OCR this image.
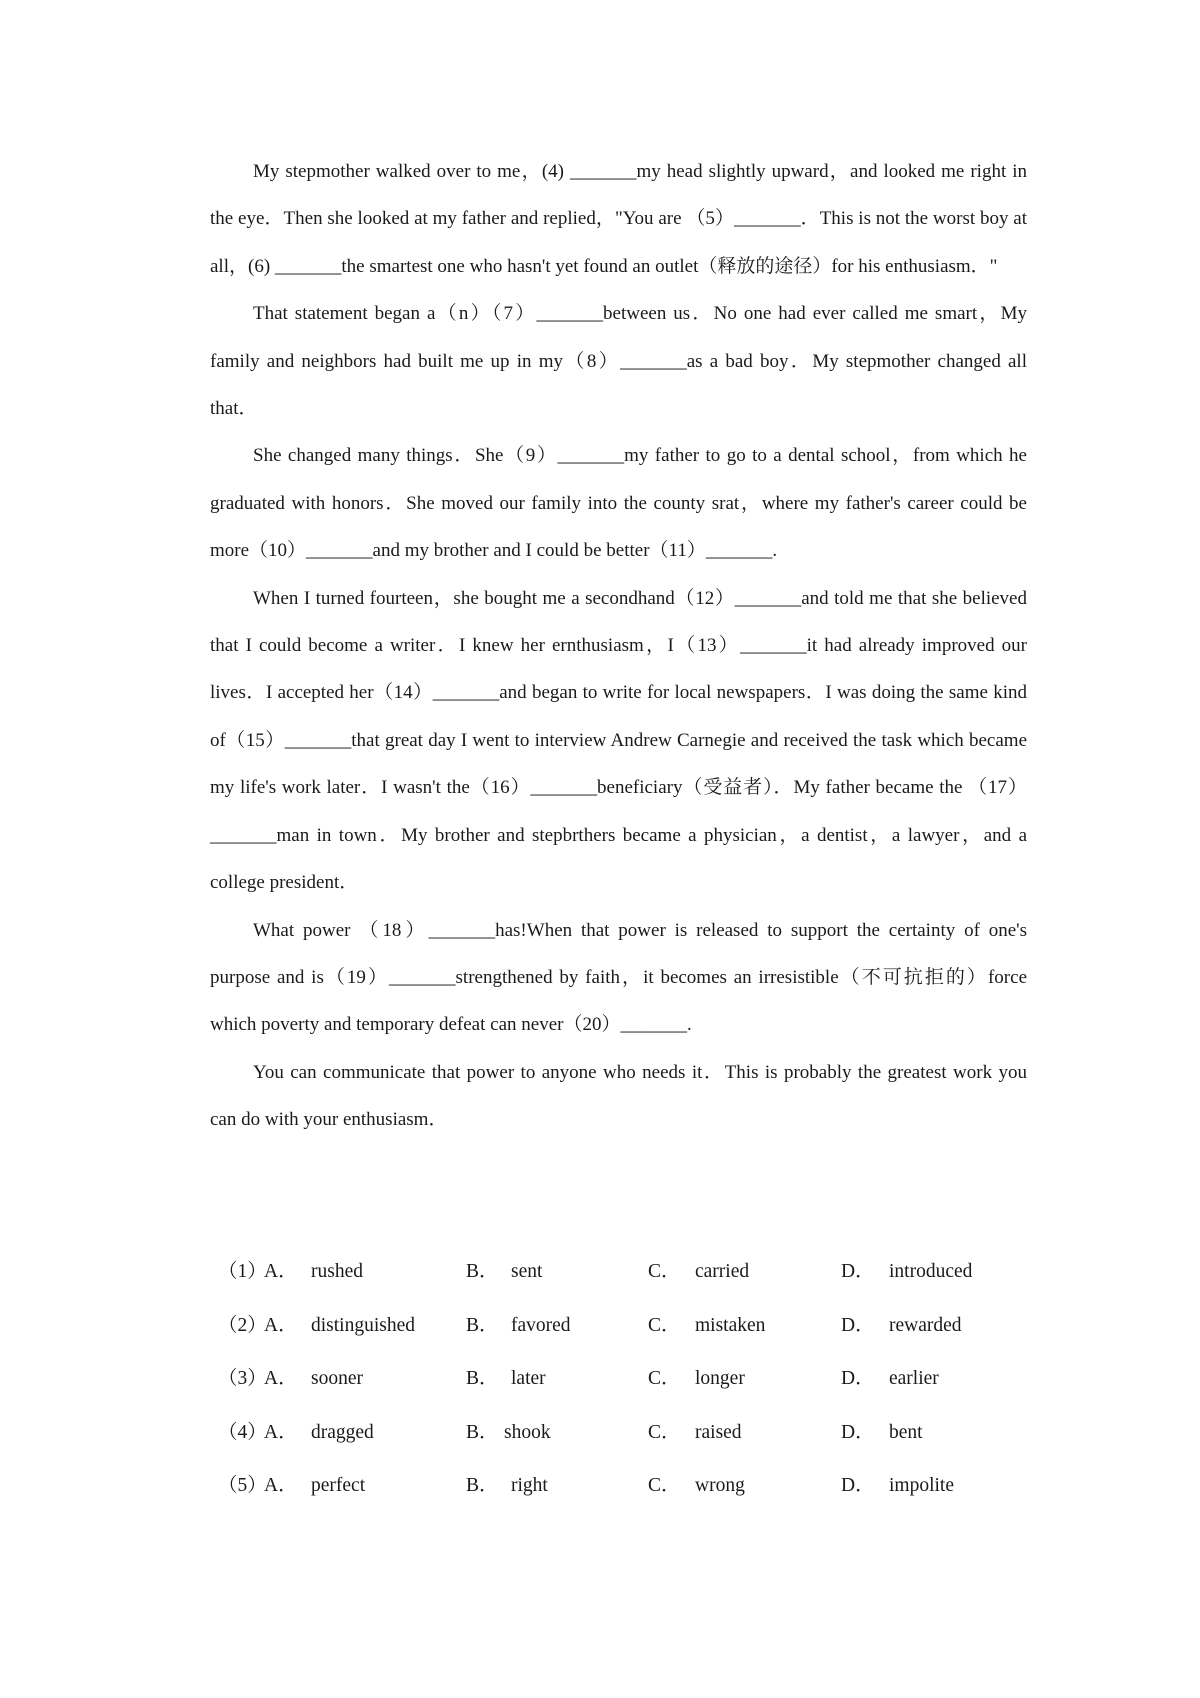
My stepmother walked over to me，(4) _______my head slightly upward，and looked me right in the eye．Then she looked at my father and replied，"You are （5）_______．This is not the worst boy at all，(6) _______the smartest one who hasn't yet found an outlet（释放的途径）for his enthusiasm．"

That statement began a（n）（7）_______between us．No one had ever called me smart，My family and neighbors had built me up in my（8）_______as a bad boy．My stepmother changed all that．

She changed many things．She（9）_______my father to go to a dental school，from which he graduated with honors．She moved our family into the county srat，where my father's career could be more（10）_______and my brother and I could be better（11）_______.

When I turned fourteen，she bought me a secondhand（12）_______and told me that she believed that I could become a writer．I knew her ernthusiasm，I（13）_______it had already improved our lives．I accepted her（14）_______and began to write for local newspapers．I was doing the same kind of（15）_______that great day I went to interview Andrew Carnegie and received the task which became my life's work later．I wasn't the（16）_______beneficiary（受益者）．My father became the （17）_______man in town．My brother and stepbrthers became a physician，a dentist，a lawyer，and a college president．

What power （18）_______has!When that power is released to support the certainty of one's purpose and is（19）_______strengthened by faith，it becomes an irresistible（不可抗拒的）force which poverty and temporary defeat can never（20）_______.

You can communicate that power to anyone who needs it．This is probably the greatest work you can do with your enthusiasm．

（1）
A． rushed	B． sent	C． carried	D． introduced
（2）
A． distinguished	B． favored	C． mistaken	D． rewarded
（3）
A． sooner	B． later	C． longer	D． earlier
（4）
A． dragged	B． shook	C． raised	D． bent
（5）
A． perfect	B． right	C． wrong	D． impolite
